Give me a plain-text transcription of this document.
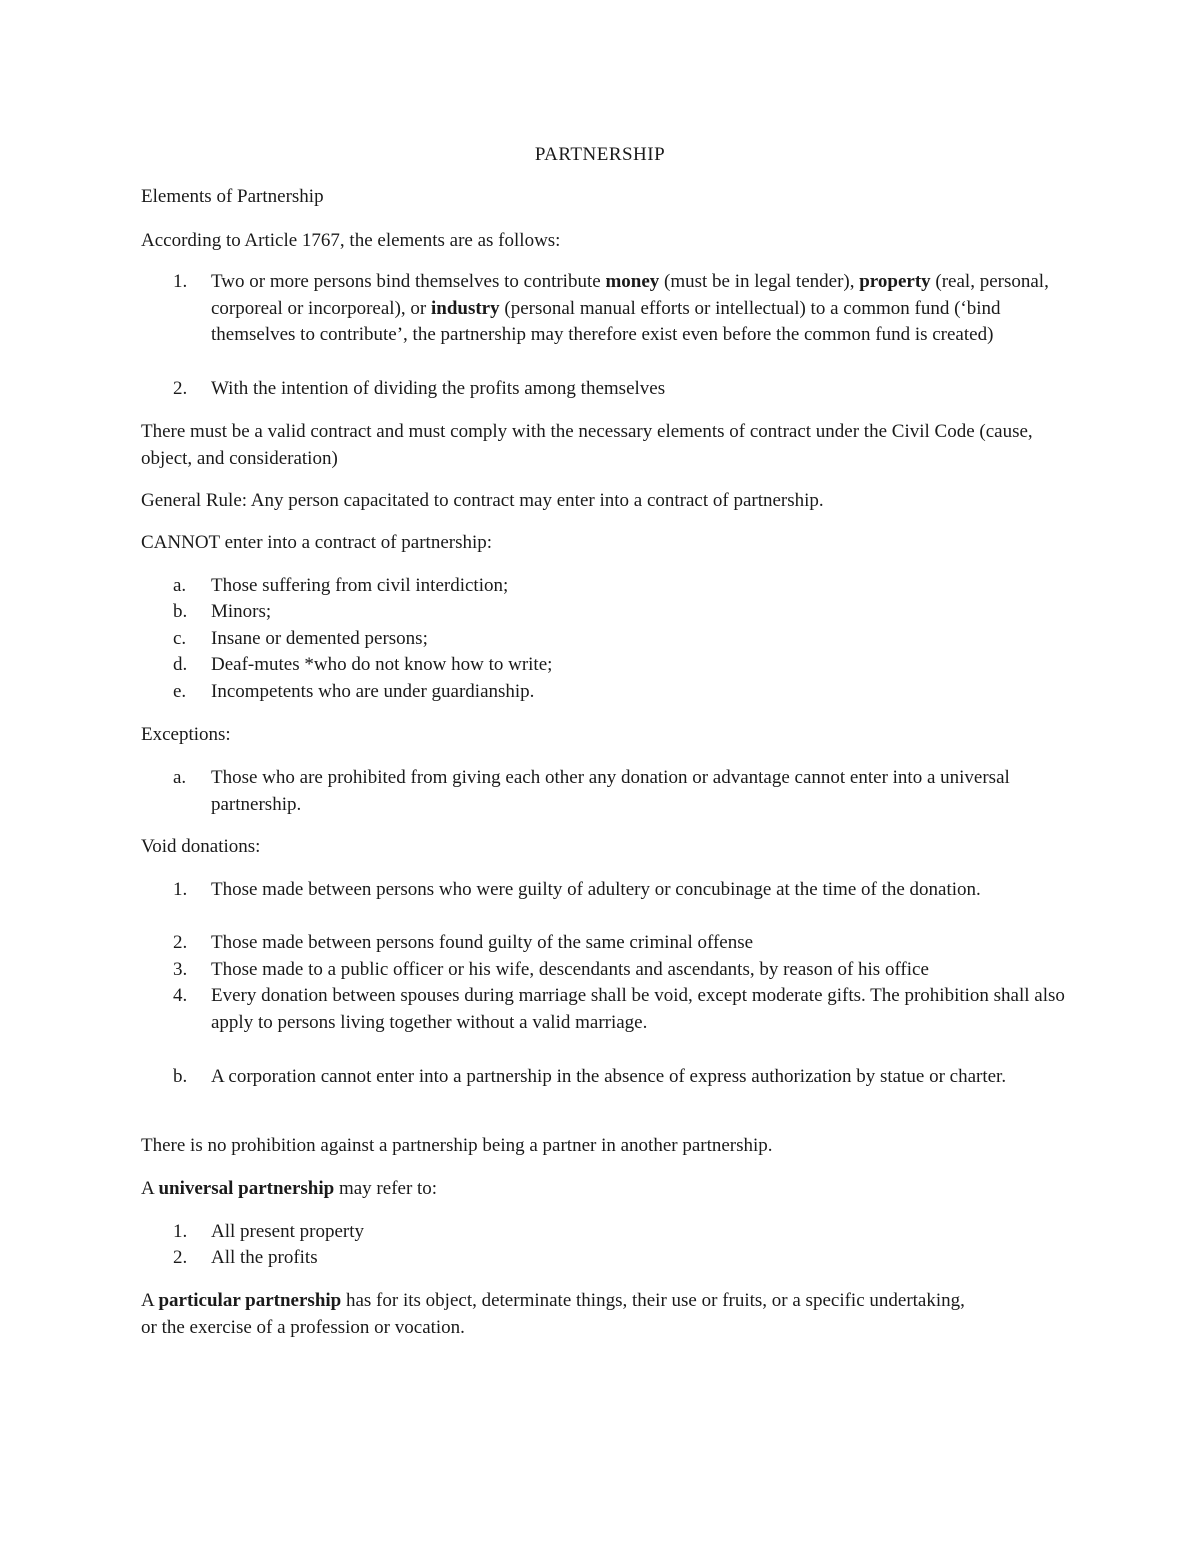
PARTNERSHIP
Elements of Partnership
According to Article 1767, the elements are as follows:
1.	Two or more persons bind themselves to contribute money (must be in legal tender), property (real, personal, corporeal or incorporeal), or industry (personal manual efforts or intellectual) to a common fund (‘bind themselves to contribute’, the partnership may therefore exist even before the common fund is created)
2.	With the intention of dividing the profits among themselves
There must be a valid contract and must comply with the necessary elements of contract under the Civil Code (cause, object, and consideration)
General Rule: Any person capacitated to contract may enter into a contract of partnership.
CANNOT enter into a contract of partnership:
a.	Those suffering from civil interdiction;
b.	Minors;
c.	Insane or demented persons;
d.	Deaf-mutes *who do not know how to write;
e.	Incompetents who are under guardianship.
Exceptions:
a.	Those who are prohibited from giving each other any donation or advantage cannot enter into a universal partnership.
Void donations:
1.	Those made between persons who were guilty of adultery or concubinage at the time of the donation.
2.	Those made between persons found guilty of the same criminal offense
3.	Those made to a public officer or his wife, descendants and ascendants, by reason of his office
4.	Every donation between spouses during marriage shall be void, except moderate gifts. The prohibition shall also apply to persons living together without a valid marriage.
b.	A corporation cannot enter into a partnership in the absence of express authorization by statue or charter.
There is no prohibition against a partnership being a partner in another partnership.
A universal partnership may refer to:
1.	All present property
2.	All the profits
A particular partnership has for its object, determinate things, their use or fruits, or a specific undertaking, or the exercise of a profession or vocation.
